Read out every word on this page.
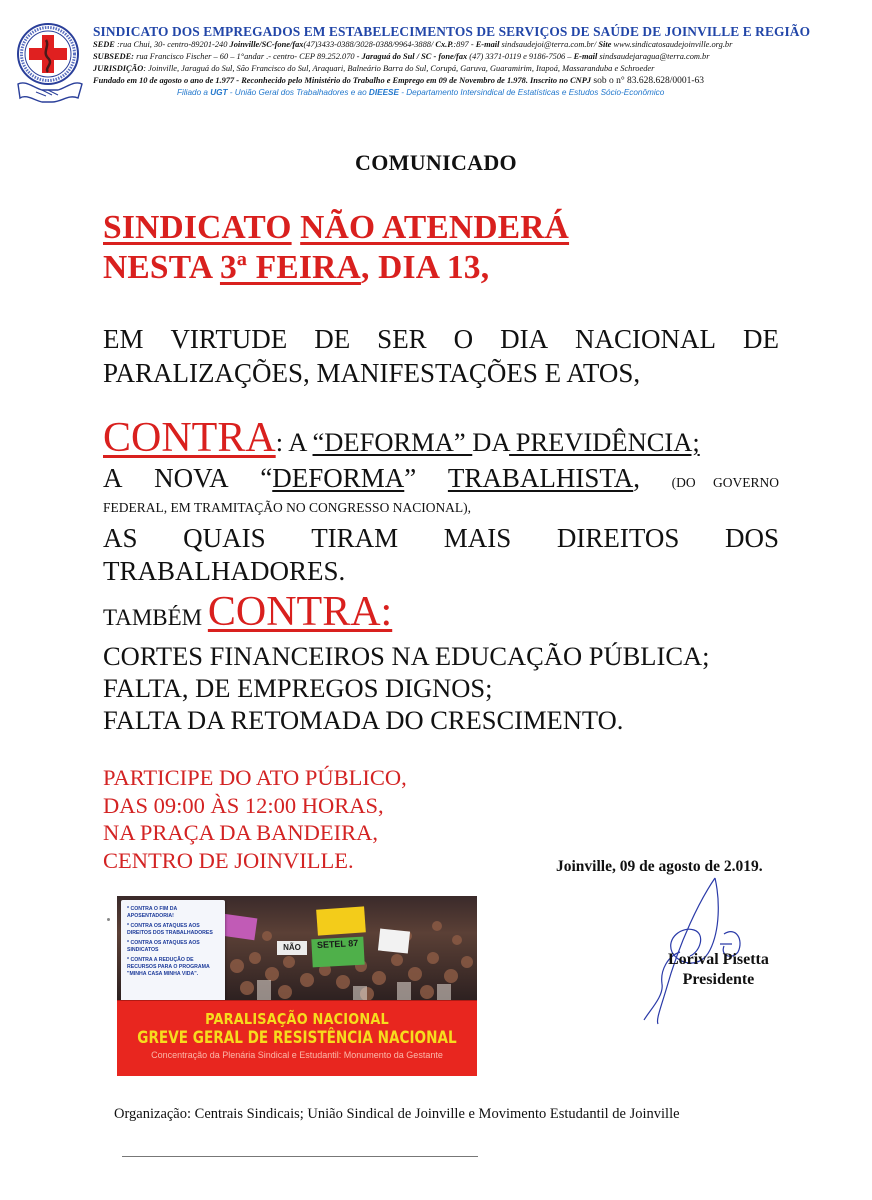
SINDICATO DOS EMPREGADOS EM ESTABELECIMENTOS DE SERVIÇOS DE SAÚDE DE JOINVILLE E REGIÃO
SEDE :rua Chui, 30- centro-89201-240 Joinville/SC-fone/fax(47)3433-0388/3028-0388/9964-3888/ Cx.P.:897 - E-mail sindsaudejoi@terra.com.br/ Site www.sindicatosaudejoinville.org.br
SUBSEDE: rua Francisco Fischer – 60 – 1°andar .- centro- CEP 89.252.070 - Jaraguá do Sul / SC - fone/fax (47) 3371-0119 e 9186-7506 – E-mail sindsaudejaragua@terra.com.br
JURISDIÇÃO: Joinville, Jaraguá do Sul, São Francisco do Sul, Araquari, Balneário Barra do Sul, Corupá, Garuva, Guaramirim, Itapoá, Massaranduba e Schroeder
Fundado em 10 de agosto o ano de 1.977 - Reconhecido pelo Ministério do Trabalho e Emprego em 09 de Novembro de 1.978. Inscrito no CNPJ sob o n° 83.628.628/0001-63
Filiado a UGT - União Geral dos Trabalhadores e ao DIEESE - Departamento Intersindical de Estatísticas e Estudos Sócio-Econômico
COMUNICADO
SINDICATO NÃO ATENDERÁ
NESTA 3ª FEIRA, DIA 13,
EM VIRTUDE DE SER O DIA NACIONAL DE
PARALIZAÇÕES, MANIFESTAÇÕES E ATOS,
CONTRA: A “DEFORMA” DA PREVIDÊNCIA;
A NOVA “DEFORMA” TRABALHISTA, (DO GOVERNO
FEDERAL, EM TRAMITAÇÃO NO CONGRESSO NACIONAL),
AS QUAIS TIRAM MAIS DIREITOS DOS
TRABALHADORES.
TAMBÉM CONTRA:
CORTES FINANCEIROS NA EDUCAÇÃO PÚBLICA;
FALTA, DE EMPREGOS DIGNOS;
FALTA DA RETOMADA DO CRESCIMENTO.
PARTICIPE DO ATO PÚBLICO,
DAS 09:00 ÀS 12:00 HORAS,
NA PRAÇA DA BANDEIRA,
CENTRO DE JOINVILLE.	Joinville, 09 de agosto de 2.019.
Lorival Pisetta
Presidente
NÃO	SETEL 87
* CONTRA O FIM DA APOSENTADORIA!
* CONTRA OS ATAQUES AOS DIREITOS DOS TRABALHADORES
* CONTRA OS ATAQUES AOS SINDICATOS
* CONTRA A REDUÇÃO DE RECURSOS PARA O PROGRAMA "MINHA CASA MINHA VIDA".
PARALISAÇÃO NACIONAL
GREVE GERAL DE RESISTÊNCIA NACIONAL
Concentração da Plenária Sindical e Estudantil: Monumento da Gestante
Organização: Centrais Sindicais; União Sindical de Joinville e Movimento Estudantil de Joinville
